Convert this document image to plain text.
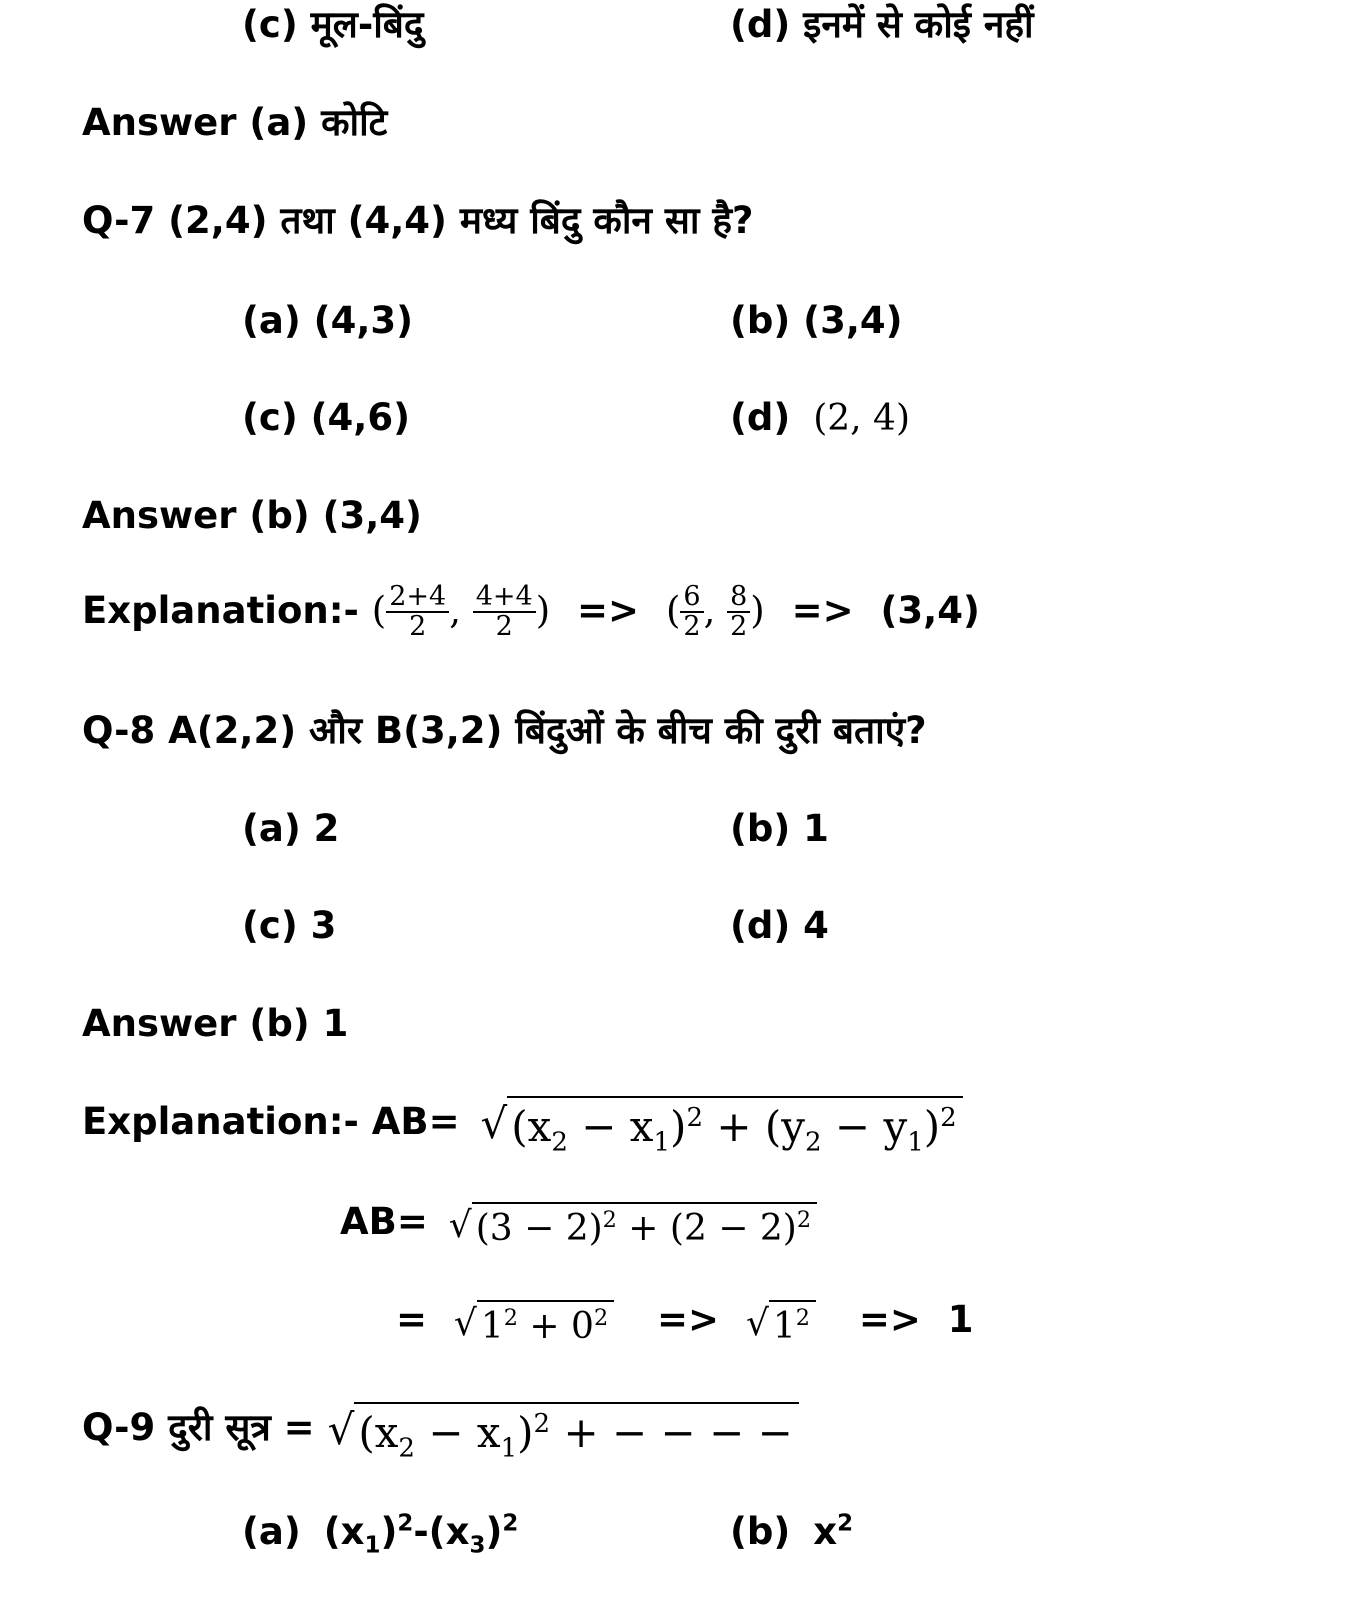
(c) मूल-बिंदु	(d) इनमें से कोई नहीं
Answer (a) कोटि
Q-7 (2,4) तथा (4,4) मध्य बिंदु कौन सा है?
(a) (4,3)	(b) (3,4)
(c) (4,6)	(d) (2, 4)
Answer (b) (3,4)
Explanation:- ( $\frac{2+4}{2}$ , $\frac{4+4}{2}$ ) => ( $\frac{6}{2}$ , $\frac{8}{2}$ ) => (3,4)
Q-8 A(2,2) और B(3,2) बिंदुओं के बीच की दुरी बताएं?
(a) 2	(b) 1
(c) 3	(d) 4
Answer (b) 1
Explanation:- $AB= √(x_2 - x_1)^2 + (y_2 - y_1)^2$
AB= √ $(3 - 2)^2 + (2 - 2)^2$
= √ $1^2 + 0^2$ => √ $1^2 => 1$
Q-9 दुरी सूत्र = $√(x_2 - x_1)^2$ + − − − −
(a) $(x_1)^2-(x_3)^2$	(b) $x^2$
